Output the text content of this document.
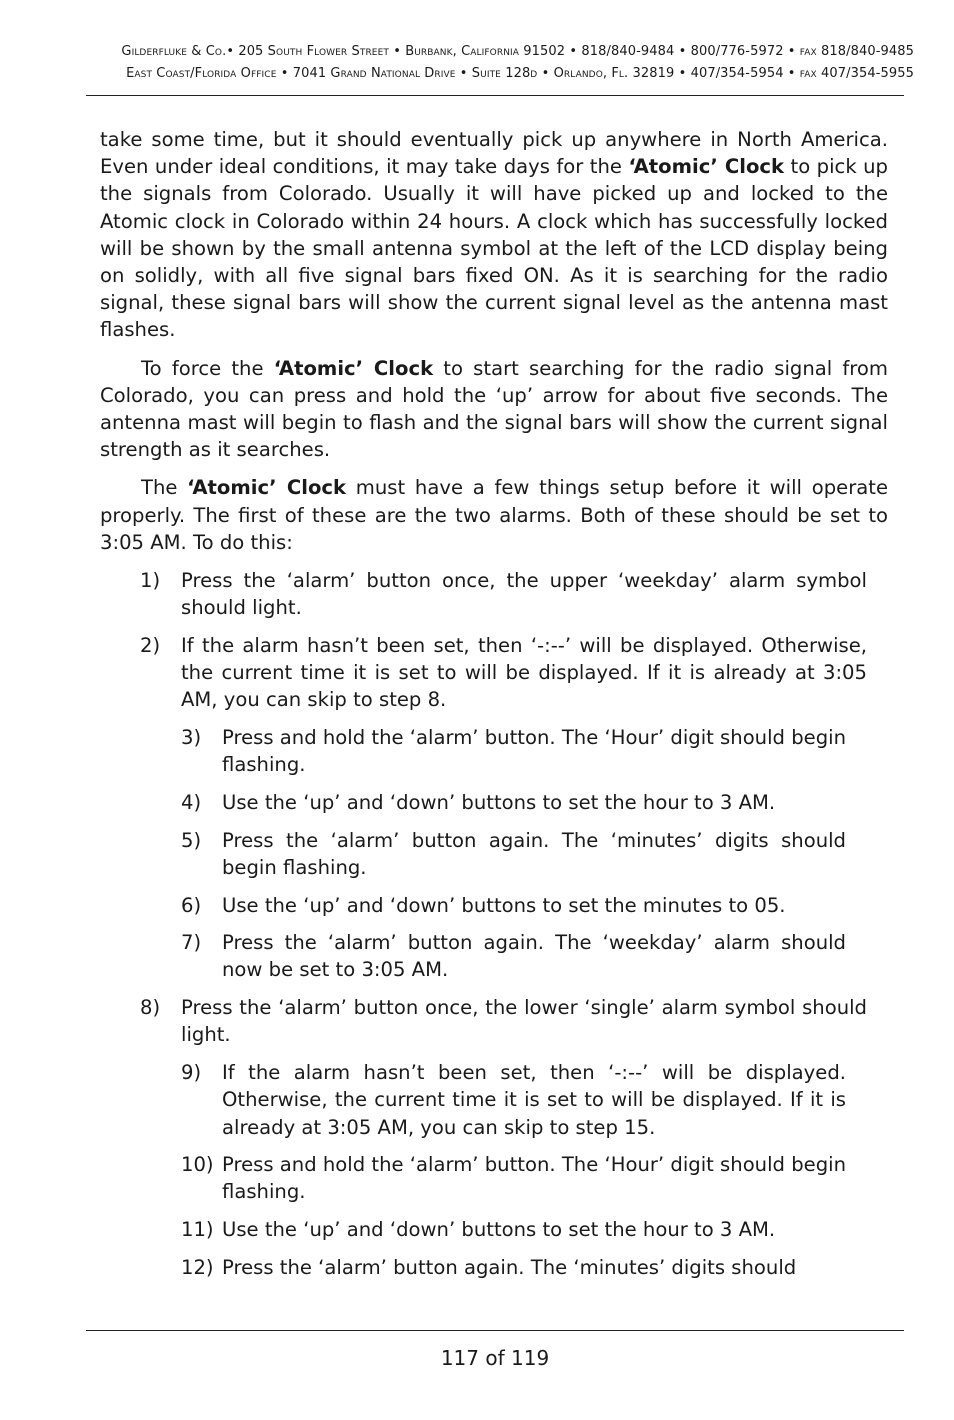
Gilderfluke & Co.• 205 South Flower Street • Burbank, California 91502 • 818/840-9484 • 800/776-5972 • fax 818/840-9485
East Coast/Florida Office • 7041 Grand National Drive • Suite 128d • Orlando, Fl. 32819 • 407/354-5954 • fax 407/354-5955

take some time, but it should eventually pick up anywhere in North America. Even under ideal conditions, it may take days for the ‘Atomic’ Clock to pick up the signals from Colorado. Usually it will have picked up and locked to the Atomic clock in Colorado within 24 hours. A clock which has successfully locked will be shown by the small antenna symbol at the left of the LCD display being on solidly, with all five signal bars fixed ON. As it is searching for the radio signal, these signal bars will show the current signal level as the antenna mast flashes.

To force the ‘Atomic’ Clock to start searching for the radio signal from Colorado, you can press and hold the ‘up’ arrow for about five seconds. The antenna mast will begin to flash and the signal bars will show the current signal strength as it searches.

The ‘Atomic’ Clock must have a few things setup before it will operate properly. The first of these are the two alarms. Both of these should be set to 3:05 AM. To do this:

1) Press the ‘alarm’ button once, the upper ‘weekday’ alarm symbol should light.
2) If the alarm hasn’t been set, then ‘-:--’ will be displayed. Otherwise, the current time it is set to will be displayed. If it is already at 3:05 AM, you can skip to step 8.
3) Press and hold the ‘alarm’ button. The ‘Hour’ digit should begin flashing.
4) Use the ‘up’ and ‘down’ buttons to set the hour to 3 AM.
5) Press the ‘alarm’ button again. The ‘minutes’ digits should begin flashing.
6) Use the ‘up’ and ‘down’ buttons to set the minutes to 05.
7) Press the ‘alarm’ button again. The ‘weekday’ alarm should now be set to 3:05 AM.
8) Press the ‘alarm’ button once, the lower ‘single’ alarm symbol should light.
9) If the alarm hasn’t been set, then ‘-:--’ will be displayed. Otherwise, the current time it is set to will be displayed. If it is already at 3:05 AM, you can skip to step 15.
10) Press and hold the ‘alarm’ button. The ‘Hour’ digit should begin flashing.
11) Use the ‘up’ and ‘down’ buttons to set the hour to 3 AM.
12) Press the ‘alarm’ button again. The ‘minutes’ digits should
117 of 119
